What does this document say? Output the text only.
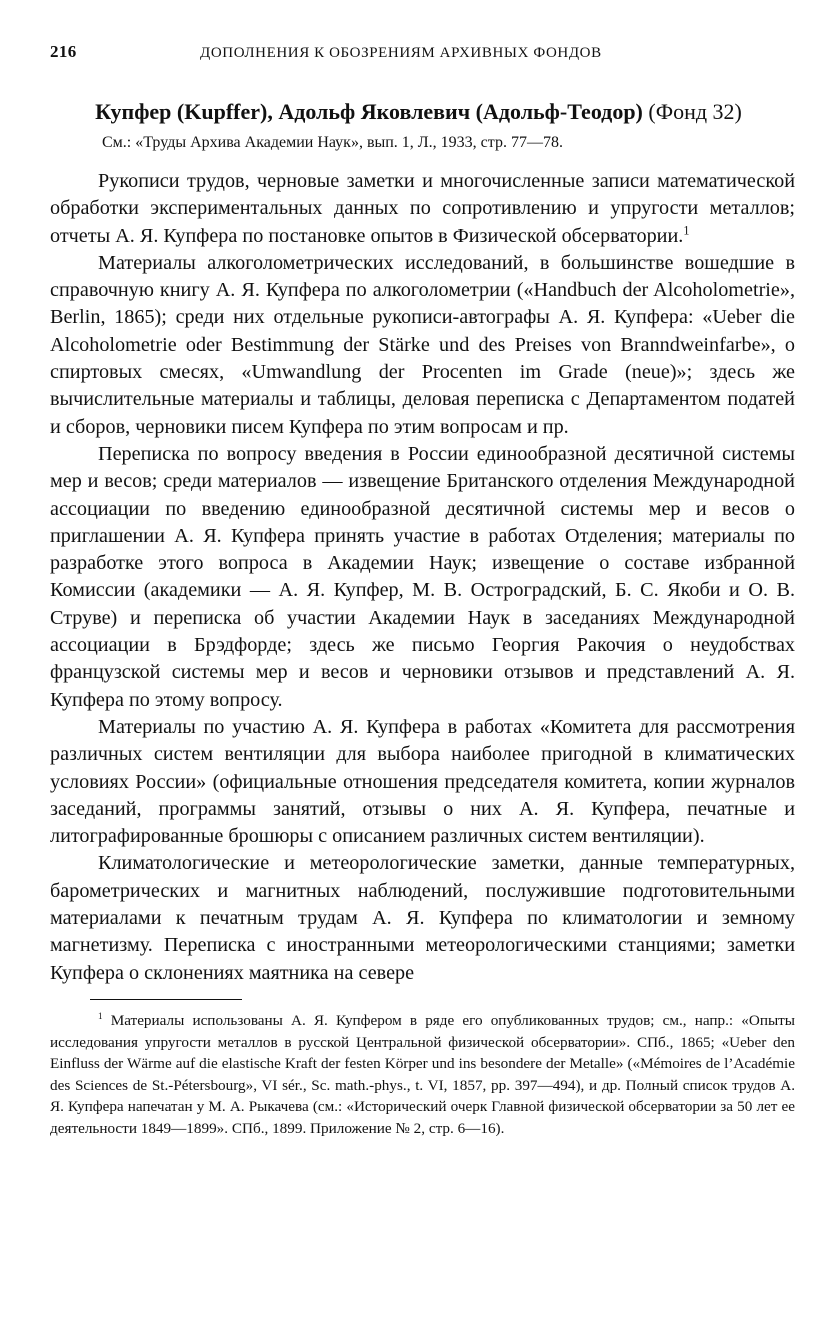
216	ДОПОЛНЕНИЯ К ОБОЗРЕНИЯМ АРХИВНЫХ ФОНДОВ
Купфер (Kupffer), Адольф Яковлевич (Адольф-Теодор) (Фонд 32)
См.: «Труды Архива Академии Наук», вып. 1, Л., 1933, стр. 77—78.

Рукописи трудов, черновые заметки и многочисленные записи математической обработки экспериментальных данных по сопротивлению и упругости металлов; отчеты А. Я. Купфера по постановке опытов в Физической обсерватории.$^1$

Материалы алкоголометрических исследований, в большинстве вошедшие в справочную книгу А. Я. Купфера по алкоголометрии («Handbuch der Alcoholometrie», Berlin, 1865); среди них отдельные рукописи-автографы А. Я. Купфера: «Ueber die Alcoholometrie oder Bestimmung der Stärke und des Preises von Branndweinfarbe», о спиртовых смесях, «Umwandlung der Procenten im Grade (neue)»; здесь же вычислительные материалы и таблицы, деловая переписка с Департаментом податей и сборов, черновики писем Купфера по этим вопросам и пр.

Переписка по вопросу введения в России единообразной десятичной системы мер и весов; среди материалов — извещение Британского отделения Международной ассоциации по введению единообразной десятичной системы мер и весов о приглашении А. Я. Купфера принять участие в работах Отделения; материалы по разработке этого вопроса в Академии Наук; извещение о составе избранной Комиссии (академики — А. Я. Купфер, М. В. Остроградский, Б. С. Якоби и О. В. Струве) и переписка об участии Академии Наук в заседаниях Международной ассоциации в Брэдфорде; здесь же письмо Георгия Ракочия о неудобствах французской системы мер и весов и черновики отзывов и представлений А. Я. Купфера по этому вопросу.

Материалы по участию А. Я. Купфера в работах «Комитета для рассмотрения различных систем вентиляции для выбора наиболее пригодной в климатических условиях России» (официальные отношения председателя комитета, копии журналов заседаний, программы занятий, отзывы о них А. Я. Купфера, печатные и литографированные брошюры с описанием различных систем вентиляции).

Климатологические и метеорологические заметки, данные температурных, барометрических и магнитных наблюдений, послужившие подготовительными материалами к печатным трудам А. Я. Купфера по климатологии и земному магнетизму. Переписка с иностранными метеорологическими станциями; заметки Купфера о склонениях маятника на севере

$^1$ Материалы использованы А. Я. Купфером в ряде его опубликованных трудов; см., напр.: «Опыты исследования упругости металлов в русской Центральной физической обсерватории». СПб., 1865; «Ueber den Einfluss der Wärme auf die elastische Kraft der festen Körper und ins besondere der Metalle» («Mémoires de l’Académie des Sciences de St.-Pétersbourg», VI sér., Sc. math.-phys., t. VI, 1857, pp. 397—494), и др. Полный список трудов А. Я. Купфера напечатан у М. А. Рыкачева (см.: «Исторический очерк Главной физической обсерватории за 50 лет ее деятельности 1849—1899». СПб., 1899. Приложение № 2, стр. 6—16).
